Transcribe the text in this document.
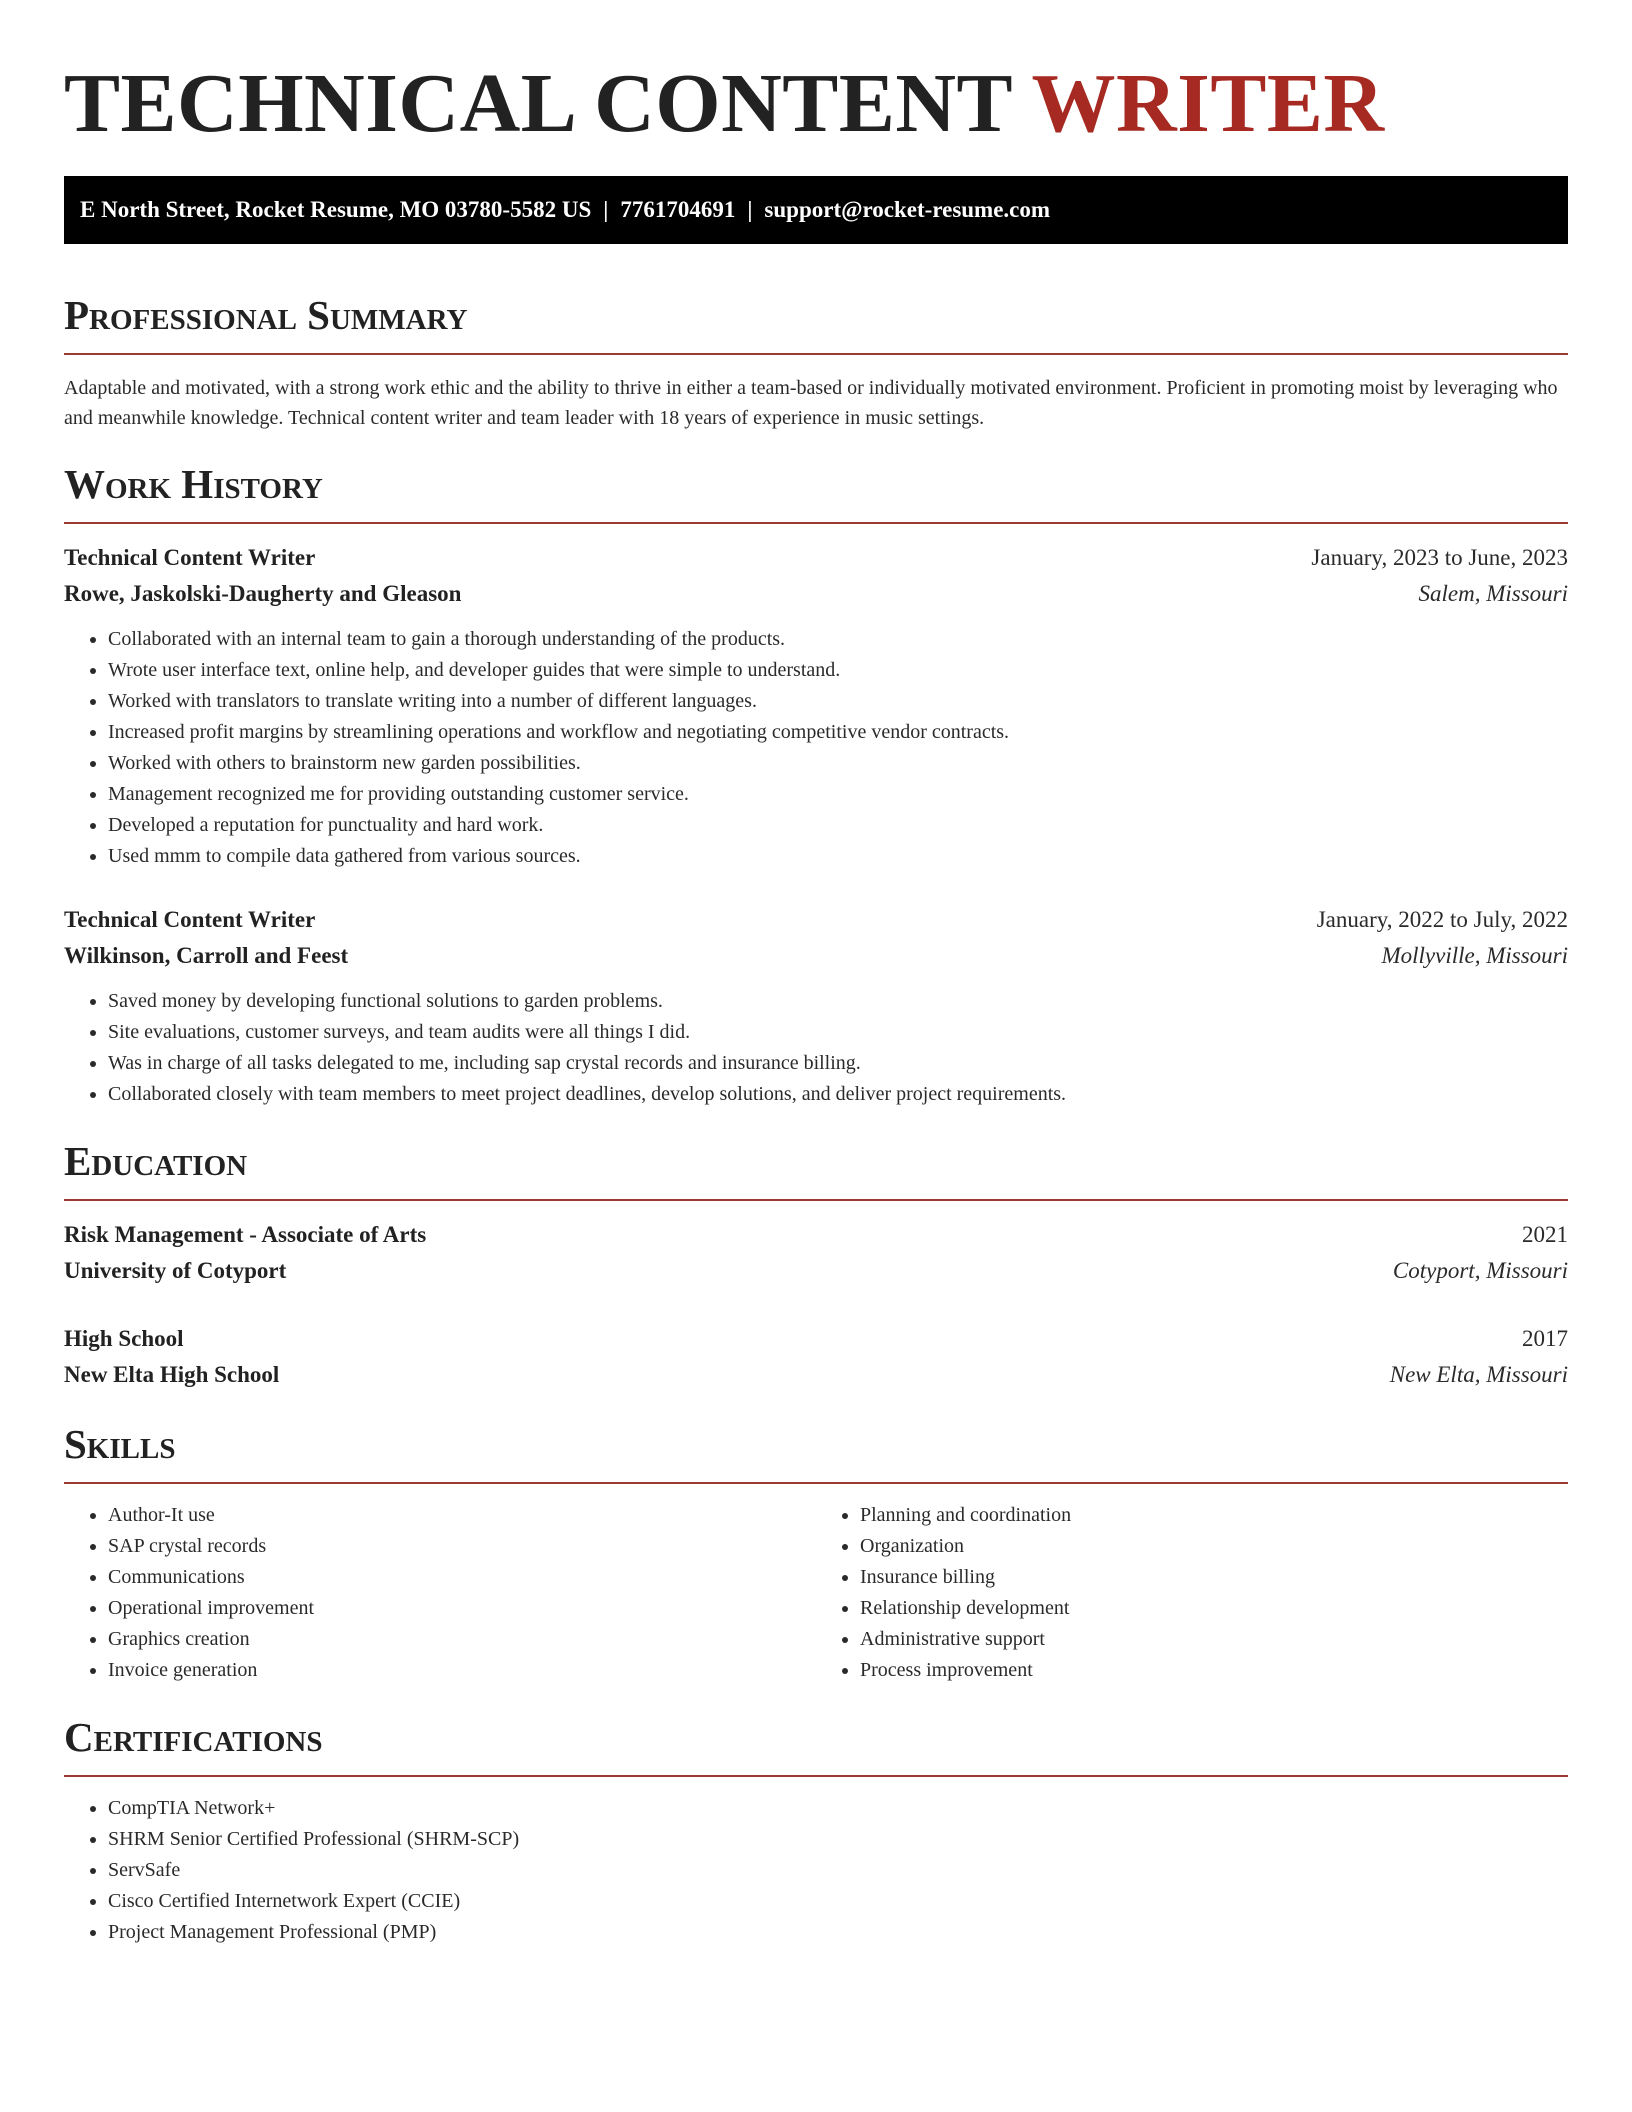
TECHNICAL CONTENT WRITER
E North Street, Rocket Resume, MO 03780-5582 US | 7761704691 | support@rocket-resume.com
Professional Summary
Adaptable and motivated, with a strong work ethic and the ability to thrive in either a team-based or individually motivated environment. Proficient in promoting moist by leveraging who and meanwhile knowledge. Technical content writer and team leader with 18 years of experience in music settings.
Work History
Technical Content Writer	January, 2023 to June, 2023
Rowe, Jaskolski-Daugherty and Gleason	Salem, Missouri
• Collaborated with an internal team to gain a thorough understanding of the products.
• Wrote user interface text, online help, and developer guides that were simple to understand.
• Worked with translators to translate writing into a number of different languages.
• Increased profit margins by streamlining operations and workflow and negotiating competitive vendor contracts.
• Worked with others to brainstorm new garden possibilities.
• Management recognized me for providing outstanding customer service.
• Developed a reputation for punctuality and hard work.
• Used mmm to compile data gathered from various sources.
Technical Content Writer	January, 2022 to July, 2022
Wilkinson, Carroll and Feest	Mollyville, Missouri
• Saved money by developing functional solutions to garden problems.
• Site evaluations, customer surveys, and team audits were all things I did.
• Was in charge of all tasks delegated to me, including sap crystal records and insurance billing.
• Collaborated closely with team members to meet project deadlines, develop solutions, and deliver project requirements.
Education
Risk Management - Associate of Arts	2021
University of Cotyport	Cotyport, Missouri
High School	2017
New Elta High School	New Elta, Missouri
Skills
• Author-It use
• SAP crystal records
• Communications
• Operational improvement
• Graphics creation
• Invoice generation
• Planning and coordination
• Organization
• Insurance billing
• Relationship development
• Administrative support
• Process improvement
Certifications
• CompTIA Network+
• SHRM Senior Certified Professional (SHRM-SCP)
• ServSafe
• Cisco Certified Internetwork Expert (CCIE)
• Project Management Professional (PMP)
